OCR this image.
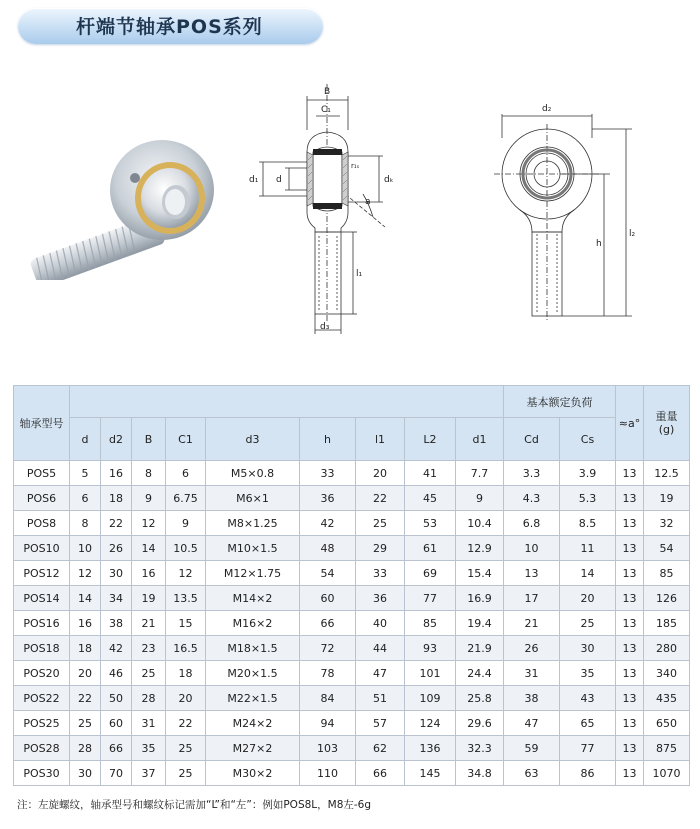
杆端节轴承POS系列
B
C₁
d₁ d
r₁ₛ
dₖ
a
l₁
d₃
d₂
h
l₂
轴承型号										基本额定负荷		≈a°	重量
(g)
	d	d2	B	C1	d3	h	l1	L2	d1	Cd	Cs		
POS5	5	16	8	6	M5×0.8	33	20	41	7.7	3.3	3.9	13	12.5
POS6	6	18	9	6.75	M6×1	36	22	45	9	4.3	5.3	13	19
POS8	8	22	12	9	M8×1.25	42	25	53	10.4	6.8	8.5	13	32
POS10	10	26	14	10.5	M10×1.5	48	29	61	12.9	10	11	13	54
POS12	12	30	16	12	M12×1.75	54	33	69	15.4	13	14	13	85
POS14	14	34	19	13.5	M14×2	60	36	77	16.9	17	20	13	126
POS16	16	38	21	15	M16×2	66	40	85	19.4	21	25	13	185
POS18	18	42	23	16.5	M18×1.5	72	44	93	21.9	26	30	13	280
POS20	20	46	25	18	M20×1.5	78	47	101	24.4	31	35	13	340
POS22	22	50	28	20	M22×1.5	84	51	109	25.8	38	43	13	435
POS25	25	60	31	22	M24×2	94	57	124	29.6	47	65	13	650
POS28	28	66	35	25	M27×2	103	62	136	32.3	59	77	13	875
POS30	30	70	37	25	M30×2	110	66	145	34.8	63	86	13	1070
注：左旋螺纹，轴承型号和螺纹标记需加“L”和“左”：例如POS8L，M8左-6g
